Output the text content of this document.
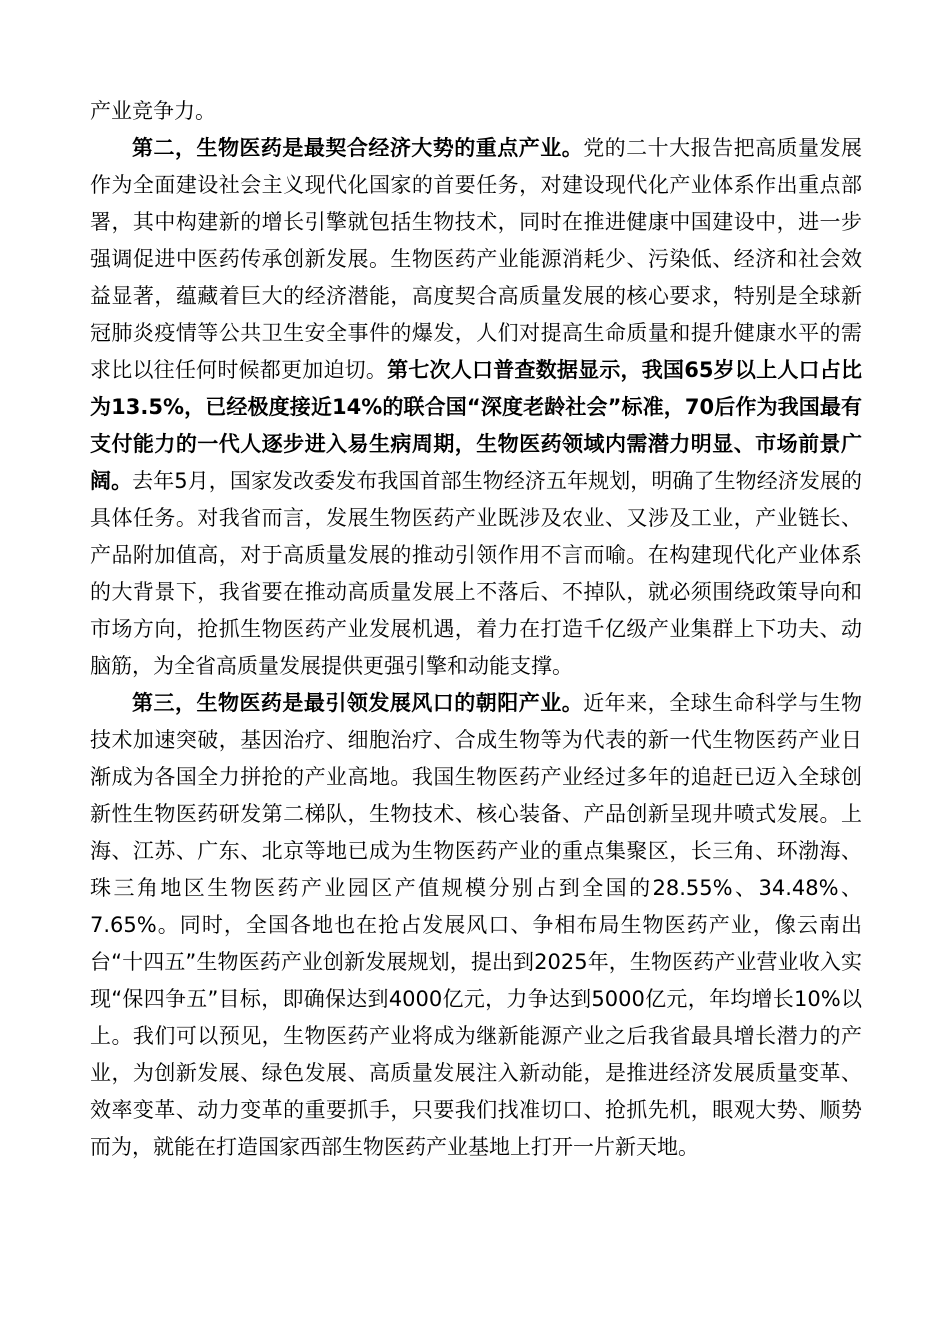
产业竞争力。

第二，生物医药是最契合经济大势的重点产业。党的二十大报告把高质量发展作为全面建设社会主义现代化国家的首要任务，对建设现代化产业体系作出重点部署，其中构建新的增长引擎就包括生物技术，同时在推进健康中国建设中，进一步强调促进中医药传承创新发展。生物医药产业能源消耗少、污染低、经济和社会效益显著，蕴藏着巨大的经济潜能，高度契合高质量发展的核心要求，特别是全球新冠肺炎疫情等公共卫生安全事件的爆发，人们对提高生命质量和提升健康水平的需求比以往任何时候都更加迫切。第七次人口普查数据显示，我国65岁以上人口占比为13.5%，已经极度接近14%的联合国“深度老龄社会”标准，70后作为我国最有支付能力的一代人逐步进入易生病周期，生物医药领域内需潜力明显、市场前景广阔。去年5月，国家发改委发布我国首部生物经济五年规划，明确了生物经济发展的具体任务。对我省而言，发展生物医药产业既涉及农业、又涉及工业，产业链长、产品附加值高，对于高质量发展的推动引领作用不言而喻。在构建现代化产业体系的大背景下，我省要在推动高质量发展上不落后、不掉队，就必须围绕政策导向和市场方向，抢抓生物医药产业发展机遇，着力在打造千亿级产业集群上下功夫、动脑筋，为全省高质量发展提供更强引擎和动能支撑。

第三，生物医药是最引领发展风口的朝阳产业。近年来，全球生命科学与生物技术加速突破，基因治疗、细胞治疗、合成生物等为代表的新一代生物医药产业日渐成为各国全力拼抢的产业高地。我国生物医药产业经过多年的追赶已迈入全球创新性生物医药研发第二梯队，生物技术、核心装备、产品创新呈现井喷式发展。上海、江苏、广东、北京等地已成为生物医药产业的重点集聚区，长三角、环渤海、珠三角地区生物医药产业园区产值规模分别占到全国的28.55%、34.48%、7.65%。同时，全国各地也在抢占发展风口、争相布局生物医药产业，像云南出台“十四五”生物医药产业创新发展规划，提出到2025年，生物医药产业营业收入实现“保四争五”目标，即确保达到4000亿元，力争达到5000亿元，年均增长10%以上。我们可以预见，生物医药产业将成为继新能源产业之后我省最具增长潜力的产业，为创新发展、绿色发展、高质量发展注入新动能，是推进经济发展质量变革、效率变革、动力变革的重要抓手，只要我们找准切口、抢抓先机，眼观大势、顺势而为，就能在打造国家西部生物医药产业基地上打开一片新天地。
